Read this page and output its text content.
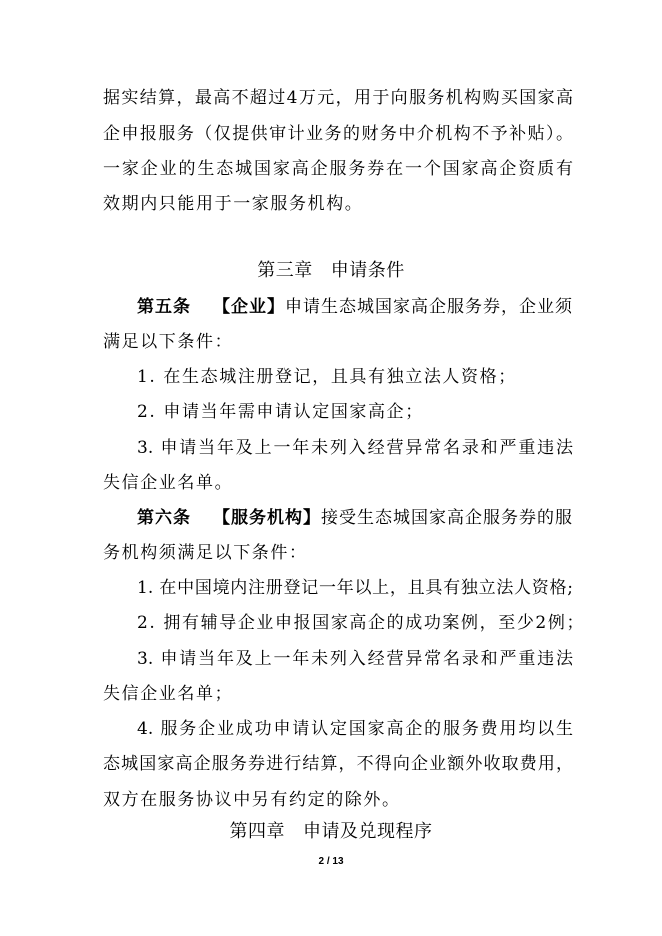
据实结算，最高不超过4万元，用于向服务机构购买国家高
企申报服务（仅提供审计业务的财务中介机构不予补贴）。
一家企业的生态城国家高企服务券在一个国家高企资质有
效期内只能用于一家服务机构。
第三章 申请条件
第五条 【企业】申请生态城国家高企服务券，企业须
满足以下条件：
1. 在生态城注册登记，且具有独立法人资格；
2. 申请当年需申请认定国家高企；
3. 申请当年及上一年未列入经营异常名录和严重违法
失信企业名单。
第六条 【服务机构】接受生态城国家高企服务券的服
务机构须满足以下条件：
1. 在中国境内注册登记一年以上，且具有独立法人资格;
2. 拥有辅导企业申报国家高企的成功案例，至少2例；
3. 申请当年及上一年未列入经营异常名录和严重违法
失信企业名单；
4. 服务企业成功申请认定国家高企的服务费用均以生
态城国家高企服务券进行结算，不得向企业额外收取费用，
双方在服务协议中另有约定的除外。
第四章 申请及兑现程序
2 / 13
